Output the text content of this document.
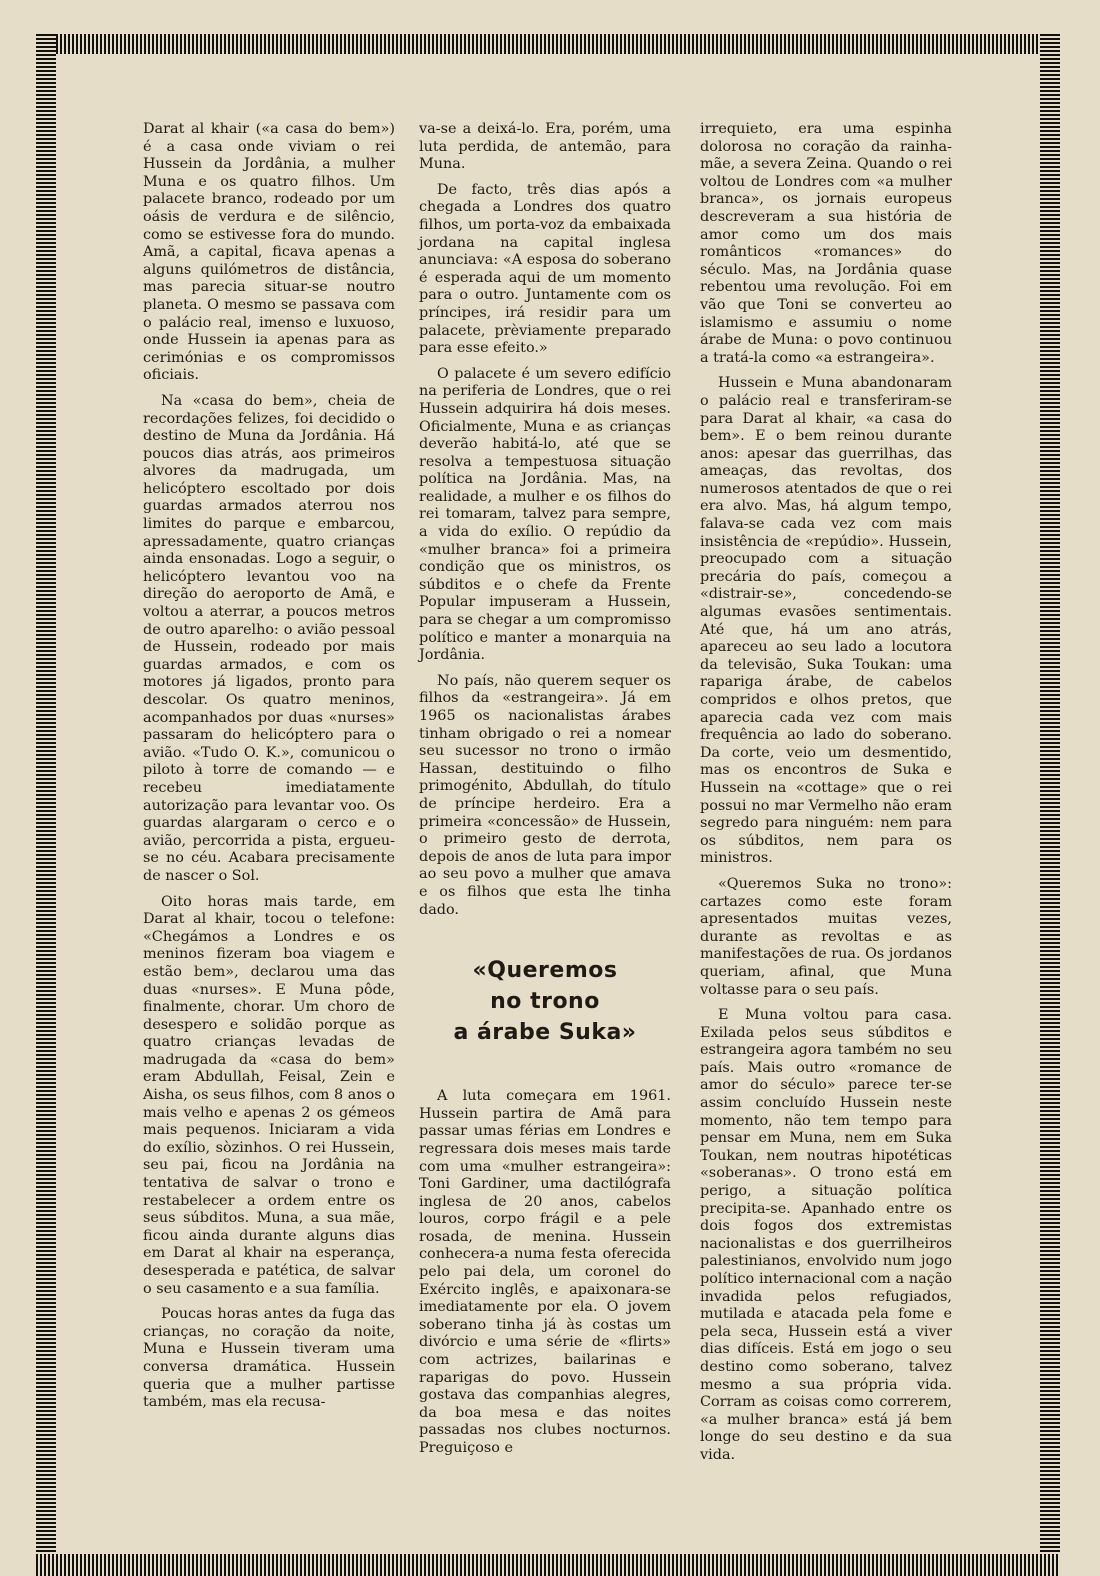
Darat al khair («a casa do bem») é a casa onde viviam o rei Hussein da Jordânia, a mulher Muna e os quatro filhos. Um palacete branco, rodeado por um oásis de verdura e de silêncio, como se estivesse fora do mundo. Amã, a capital, ficava apenas a alguns quilómetros de distância, mas parecia situar-se noutro planeta. O mesmo se passava com o palácio real, imenso e luxuoso, onde Hussein ia apenas para as cerimónias e os compromissos oficiais.

Na «casa do bem», cheia de recordações felizes, foi decidido o destino de Muna da Jordânia. Há poucos dias atrás, aos primeiros alvores da madrugada, um helicóptero escoltado por dois guardas armados aterrou nos limites do parque e embarcou, apressadamente, quatro crianças ainda ensonadas. Logo a seguir, o helicóptero levantou voo na direção do aeroporto de Amã, e voltou a aterrar, a poucos metros de outro aparelho: o avião pessoal de Hussein, rodeado por mais guardas armados, e com os motores já ligados, pronto para descolar. Os quatro meninos, acompanhados por duas «nurses» passaram do helicóptero para o avião. «Tudo O. K.», comunicou o piloto à torre de comando — e recebeu imediatamente autorização para levantar voo. Os guardas alargaram o cerco e o avião, percorrida a pista, ergueu-se no céu. Acabara precisamente de nascer o Sol.

Oito horas mais tarde, em Darat al khair, tocou o telefone: «Chegámos a Londres e os meninos fizeram boa viagem e estão bem», declarou uma das duas «nurses». E Muna pôde, finalmente, chorar. Um choro de desespero e solidão porque as quatro crianças levadas de madrugada da «casa do bem» eram Abdullah, Feisal, Zein e Aisha, os seus filhos, com 8 anos o mais velho e apenas 2 os gémeos mais pequenos. Iniciaram a vida do exílio, sòzinhos. O rei Hussein, seu pai, ficou na Jordânia na tentativa de salvar o trono e restabelecer a ordem entre os seus súbditos. Muna, a sua mãe, ficou ainda durante alguns dias em Darat al khair na esperança, desesperada e patética, de salvar o seu casamento e a sua família.

Poucas horas antes da fuga das crianças, no coração da noite, Muna e Hussein tiveram uma conversa dramática. Hussein queria que a mulher partisse também, mas ela recusa-

va-se a deixá-lo. Era, porém, uma luta perdida, de antemão, para Muna.

De facto, três dias após a chegada a Londres dos quatro filhos, um porta-voz da embaixada jordana na capital inglesa anunciava: «A esposa do soberano é esperada aqui de um momento para o outro. Juntamente com os príncipes, irá residir para um palacete, prèviamente preparado para esse efeito.»

O palacete é um severo edifício na periferia de Londres, que o rei Hussein adquirira há dois meses. Oficialmente, Muna e as crianças deverão habitá-lo, até que se resolva a tempestuosa situação política na Jordânia. Mas, na realidade, a mulher e os filhos do rei tomaram, talvez para sempre, a vida do exílio. O repúdio da «mulher branca» foi a primeira condição que os ministros, os súbditos e o chefe da Frente Popular impuseram a Hussein, para se chegar a um compromisso político e manter a monarquia na Jordânia.

No país, não querem sequer os filhos da «estrangeira». Já em 1965 os nacionalistas árabes tinham obrigado o rei a nomear seu sucessor no trono o irmão Hassan, destituindo o filho primogénito, Abdullah, do título de príncipe herdeiro. Era a primeira «concessão» de Hussein, o primeiro gesto de derrota, depois de anos de luta para impor ao seu povo a mulher que amava e os filhos que esta lhe tinha dado.

«Queremos
no trono
a árabe Suka»

A luta começara em 1961. Hussein partira de Amã para passar umas férias em Londres e regressara dois meses mais tarde com uma «mulher estrangeira»: Toni Gardiner, uma dactilógrafa inglesa de 20 anos, cabelos louros, corpo frágil e a pele rosada, de menina. Hussein conhecera-a numa festa oferecida pelo pai dela, um coronel do Exército inglês, e apaixonara-se imediatamente por ela. O jovem soberano tinha já às costas um divórcio e uma série de «flirts» com actrizes, bailarinas e raparigas do povo. Hussein gostava das companhias alegres, da boa mesa e das noites passadas nos clubes nocturnos. Preguiçoso e

irrequieto, era uma espinha dolorosa no coração da rainha-mãe, a severa Zeina. Quando o rei voltou de Londres com «a mulher branca», os jornais europeus descreveram a sua história de amor como um dos mais românticos «romances» do século. Mas, na Jordânia quase rebentou uma revolução. Foi em vão que Toni se converteu ao islamismo e assumiu o nome árabe de Muna: o povo continuou a tratá-la como «a estrangeira».

Hussein e Muna abandonaram o palácio real e transferiram-se para Darat al khair, «a casa do bem». E o bem reinou durante anos: apesar das guerrilhas, das ameaças, das revoltas, dos numerosos atentados de que o rei era alvo. Mas, há algum tempo, falava-se cada vez com mais insistência de «repúdio». Hussein, preocupado com a situação precária do país, começou a «distrair-se», concedendo-se algumas evasões sentimentais. Até que, há um ano atrás, apareceu ao seu lado a locutora da televisão, Suka Toukan: uma rapariga árabe, de cabelos compridos e olhos pretos, que aparecia cada vez com mais frequência ao lado do soberano. Da corte, veio um desmentido, mas os encontros de Suka e Hussein na «cottage» que o rei possui no mar Vermelho não eram segredo para ninguém: nem para os súbditos, nem para os ministros.

«Queremos Suka no trono»: cartazes como este foram apresentados muitas vezes, durante as revoltas e as manifestações de rua. Os jordanos queriam, afinal, que Muna voltasse para o seu país.

E Muna voltou para casa. Exilada pelos seus súbditos e estrangeira agora também no seu país. Mais outro «romance de amor do século» parece ter-se assim concluído Hussein neste momento, não tem tempo para pensar em Muna, nem em Suka Toukan, nem noutras hipotéticas «soberanas». O trono está em perigo, a situação política precipita-se. Apanhado entre os dois fogos dos extremistas nacionalistas e dos guerrilheiros palestinianos, envolvido num jogo político internacional com a nação invadida pelos refugiados, mutilada e atacada pela fome e pela seca, Hussein está a viver dias difíceis. Está em jogo o seu destino como soberano, talvez mesmo a sua própria vida. Corram as coisas como correrem, «a mulher branca» está já bem longe do seu destino e da sua vida.
